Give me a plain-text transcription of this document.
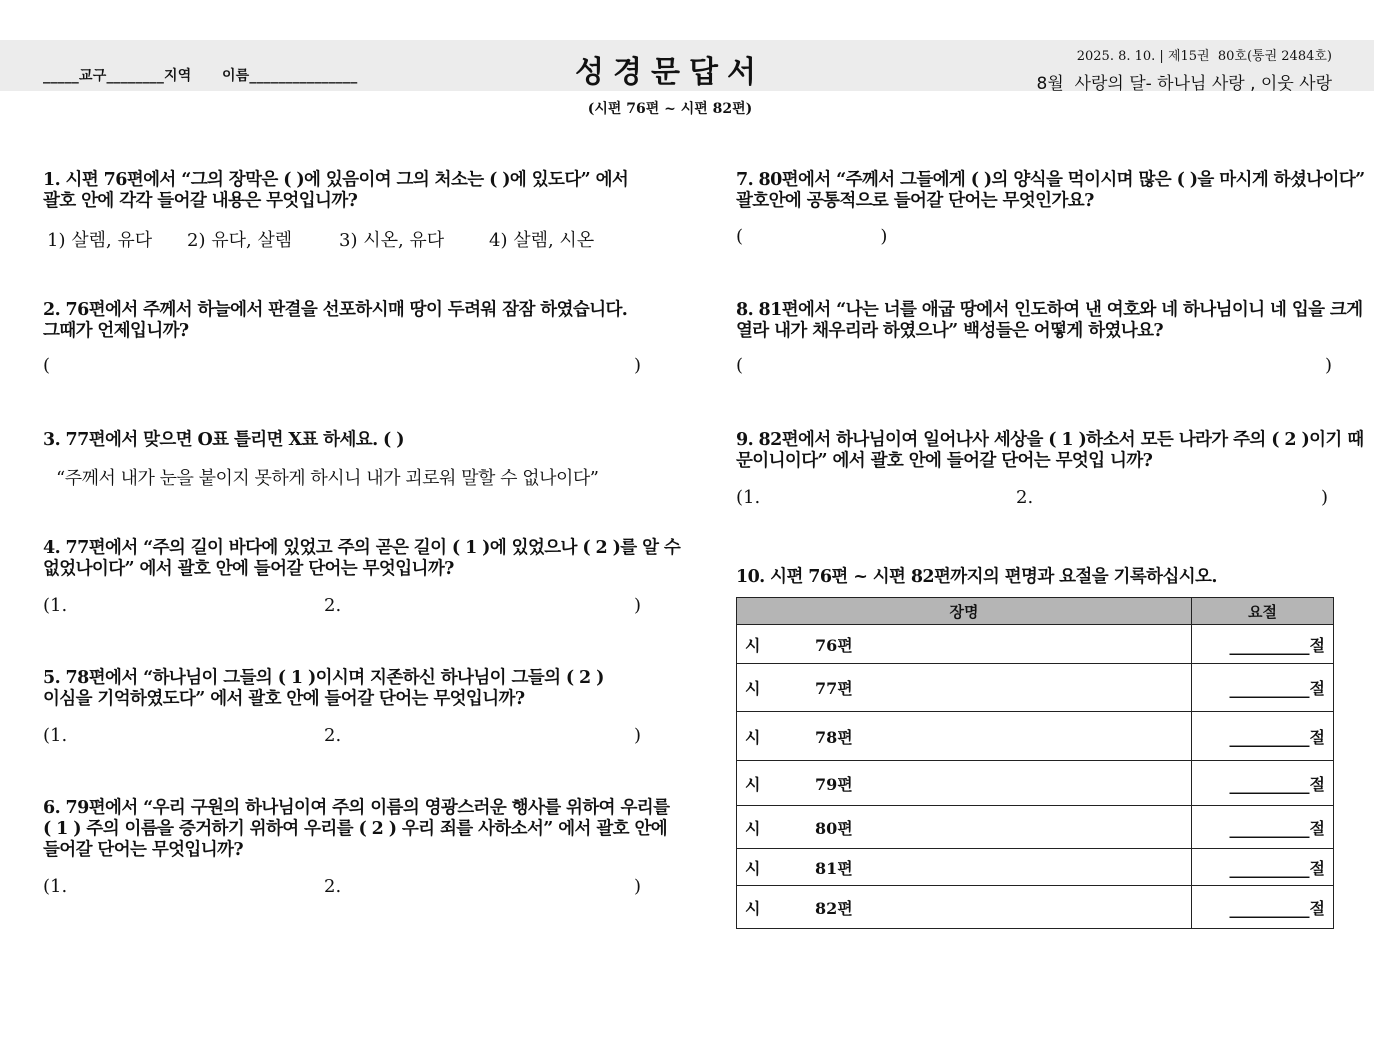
_____교구________지역      이름_______________	성경문답서	2025. 8. 10. | 제15권  80호(통권 2484호)
8월  사랑의 달- 하나님 사랑 , 이웃 사랑
(시편 76편 ~ 시편 82편)
1. 시편 76편에서 “그의 장막은 ( )에 있음이여 그의 처소는 ( )에 있도다” 에서
괄호 안에 각각 들어갈 내용은 무엇입니까?
1) 살렘, 유다 2) 유다, 살렘	3) 시온, 유다 4) 살렘, 시온
2. 76편에서 주께서 하늘에서 판결을 선포하시매 땅이 두려워 잠잠 하였습니다.
그때가 언제입니까?
(	)
3. 77편에서 맞으면 O표 틀리면 X표 하세요. ( )
“주께서 내가 눈을 붙이지 못하게 하시니 내가 괴로워 말할 수 없나이다”
4. 77편에서 “주의 길이 바다에 있었고 주의 곧은 길이 ( 1 )에 있었으나 ( 2 )를 알 수
없었나이다” 에서 괄호 안에 들어갈 단어는 무엇입니까?
(1.	2.	)
5. 78편에서 “하나님이 그들의 ( 1 )이시며 지존하신 하나님이 그들의 ( 2 )
이심을 기억하였도다” 에서 괄호 안에 들어갈 단어는 무엇입니까?
(1.	2.	)
6. 79편에서 “우리 구원의 하나님이여 주의 이름의 영광스러운 행사를 위하여 우리를
( 1 ) 주의 이름을 증거하기 위하여 우리를 ( 2 ) 우리 죄를 사하소서” 에서 괄호 안에
들어갈 단어는 무엇입니까?
(1.	2.	)
7. 80편에서 “주께서 그들에게 ( )의 양식을 먹이시며 많은 ( )을 마시게 하셨나이다”
괄호안에 공통적으로 들어갈 단어는 무엇인가요?
(                        )
8. 81편에서 “나는 너를 애굽 땅에서 인도하여 낸 여호와 네 하나님이니 네 입을 크게
열라 내가 채우리라 하였으나” 백성들은 어떻게 하였나요?
(	)
9. 82편에서 하나님이여 일어나사 세상을 ( 1 )하소서 모든 나라가 주의 ( 2 )이기 때
문이니이다” 에서 괄호 안에 들어갈 단어는 무엇입 니까?
(1.	2.	)
10. 시편 76편 ~ 시편 82편까지의 편명과 요절을 기록하십시오.
장명	요절
시 76편	__________절
시 77편	__________절
시 78편	__________절
시 79편	__________절
시 80편	__________절
시 81편	__________절
시 82편	__________절
